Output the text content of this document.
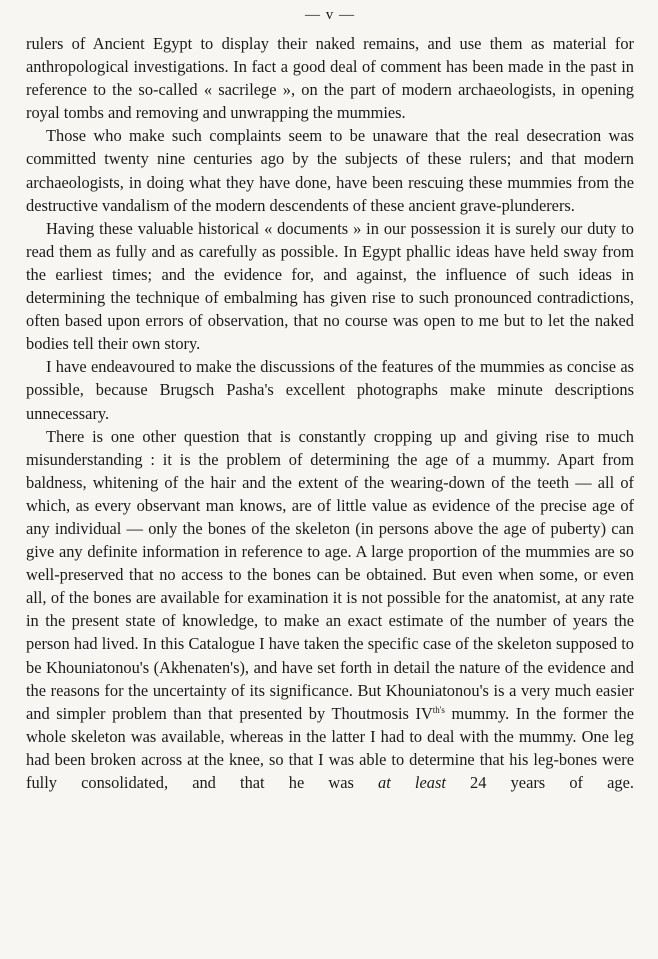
— v —

rulers of Ancient Egypt to display their naked remains, and use them as material for anthropological investigations. In fact a good deal of comment has been made in the past in reference to the so-called « sacrilege », on the part of modern archaeologists, in opening royal tombs and removing and unwrapping the mummies.

Those who make such complaints seem to be unaware that the real desecration was committed twenty nine centuries ago by the subjects of these rulers; and that modern archaeologists, in doing what they have done, have been rescuing these mummies from the destructive vandalism of the modern descendents of these ancient grave-plunderers.

Having these valuable historical « documents » in our possession it is surely our duty to read them as fully and as carefully as possible. In Egypt phallic ideas have held sway from the earliest times; and the evidence for, and against, the influence of such ideas in determining the technique of embalming has given rise to such pronounced contradictions, often based upon errors of observation, that no course was open to me but to let the naked bodies tell their own story.

I have endeavoured to make the discussions of the features of the mummies as concise as possible, because Brugsch Pasha's excellent photographs make minute descriptions unnecessary.

There is one other question that is constantly cropping up and giving rise to much misunderstanding : it is the problem of determining the age of a mummy. Apart from baldness, whitening of the hair and the extent of the wearing-down of the teeth — all of which, as every observant man knows, are of little value as evidence of the precise age of any individual — only the bones of the skeleton (in persons above the age of puberty) can give any definite information in reference to age. A large proportion of the mummies are so well-preserved that no access to the bones can be obtained. But even when some, or even all, of the bones are available for examination it is not possible for the anatomist, at any rate in the present state of knowledge, to make an exact estimate of the number of years the person had lived. In this Catalogue I have taken the specific case of the skeleton supposed to be Khouniatonou's (Akhenaten's), and have set forth in detail the nature of the evidence and the reasons for the uncertainty of its significance. But Khouniatonou's is a very much easier and simpler problem than that presented by Thoutmosis $IV^{th's}$ mummy. In the former the whole skeleton was available, whereas in the latter I had to deal with the mummy. One leg had been broken across at the knee, so that I was able to determine that his leg-bones were fully consolidated, and that he was at least 24 years of age.
